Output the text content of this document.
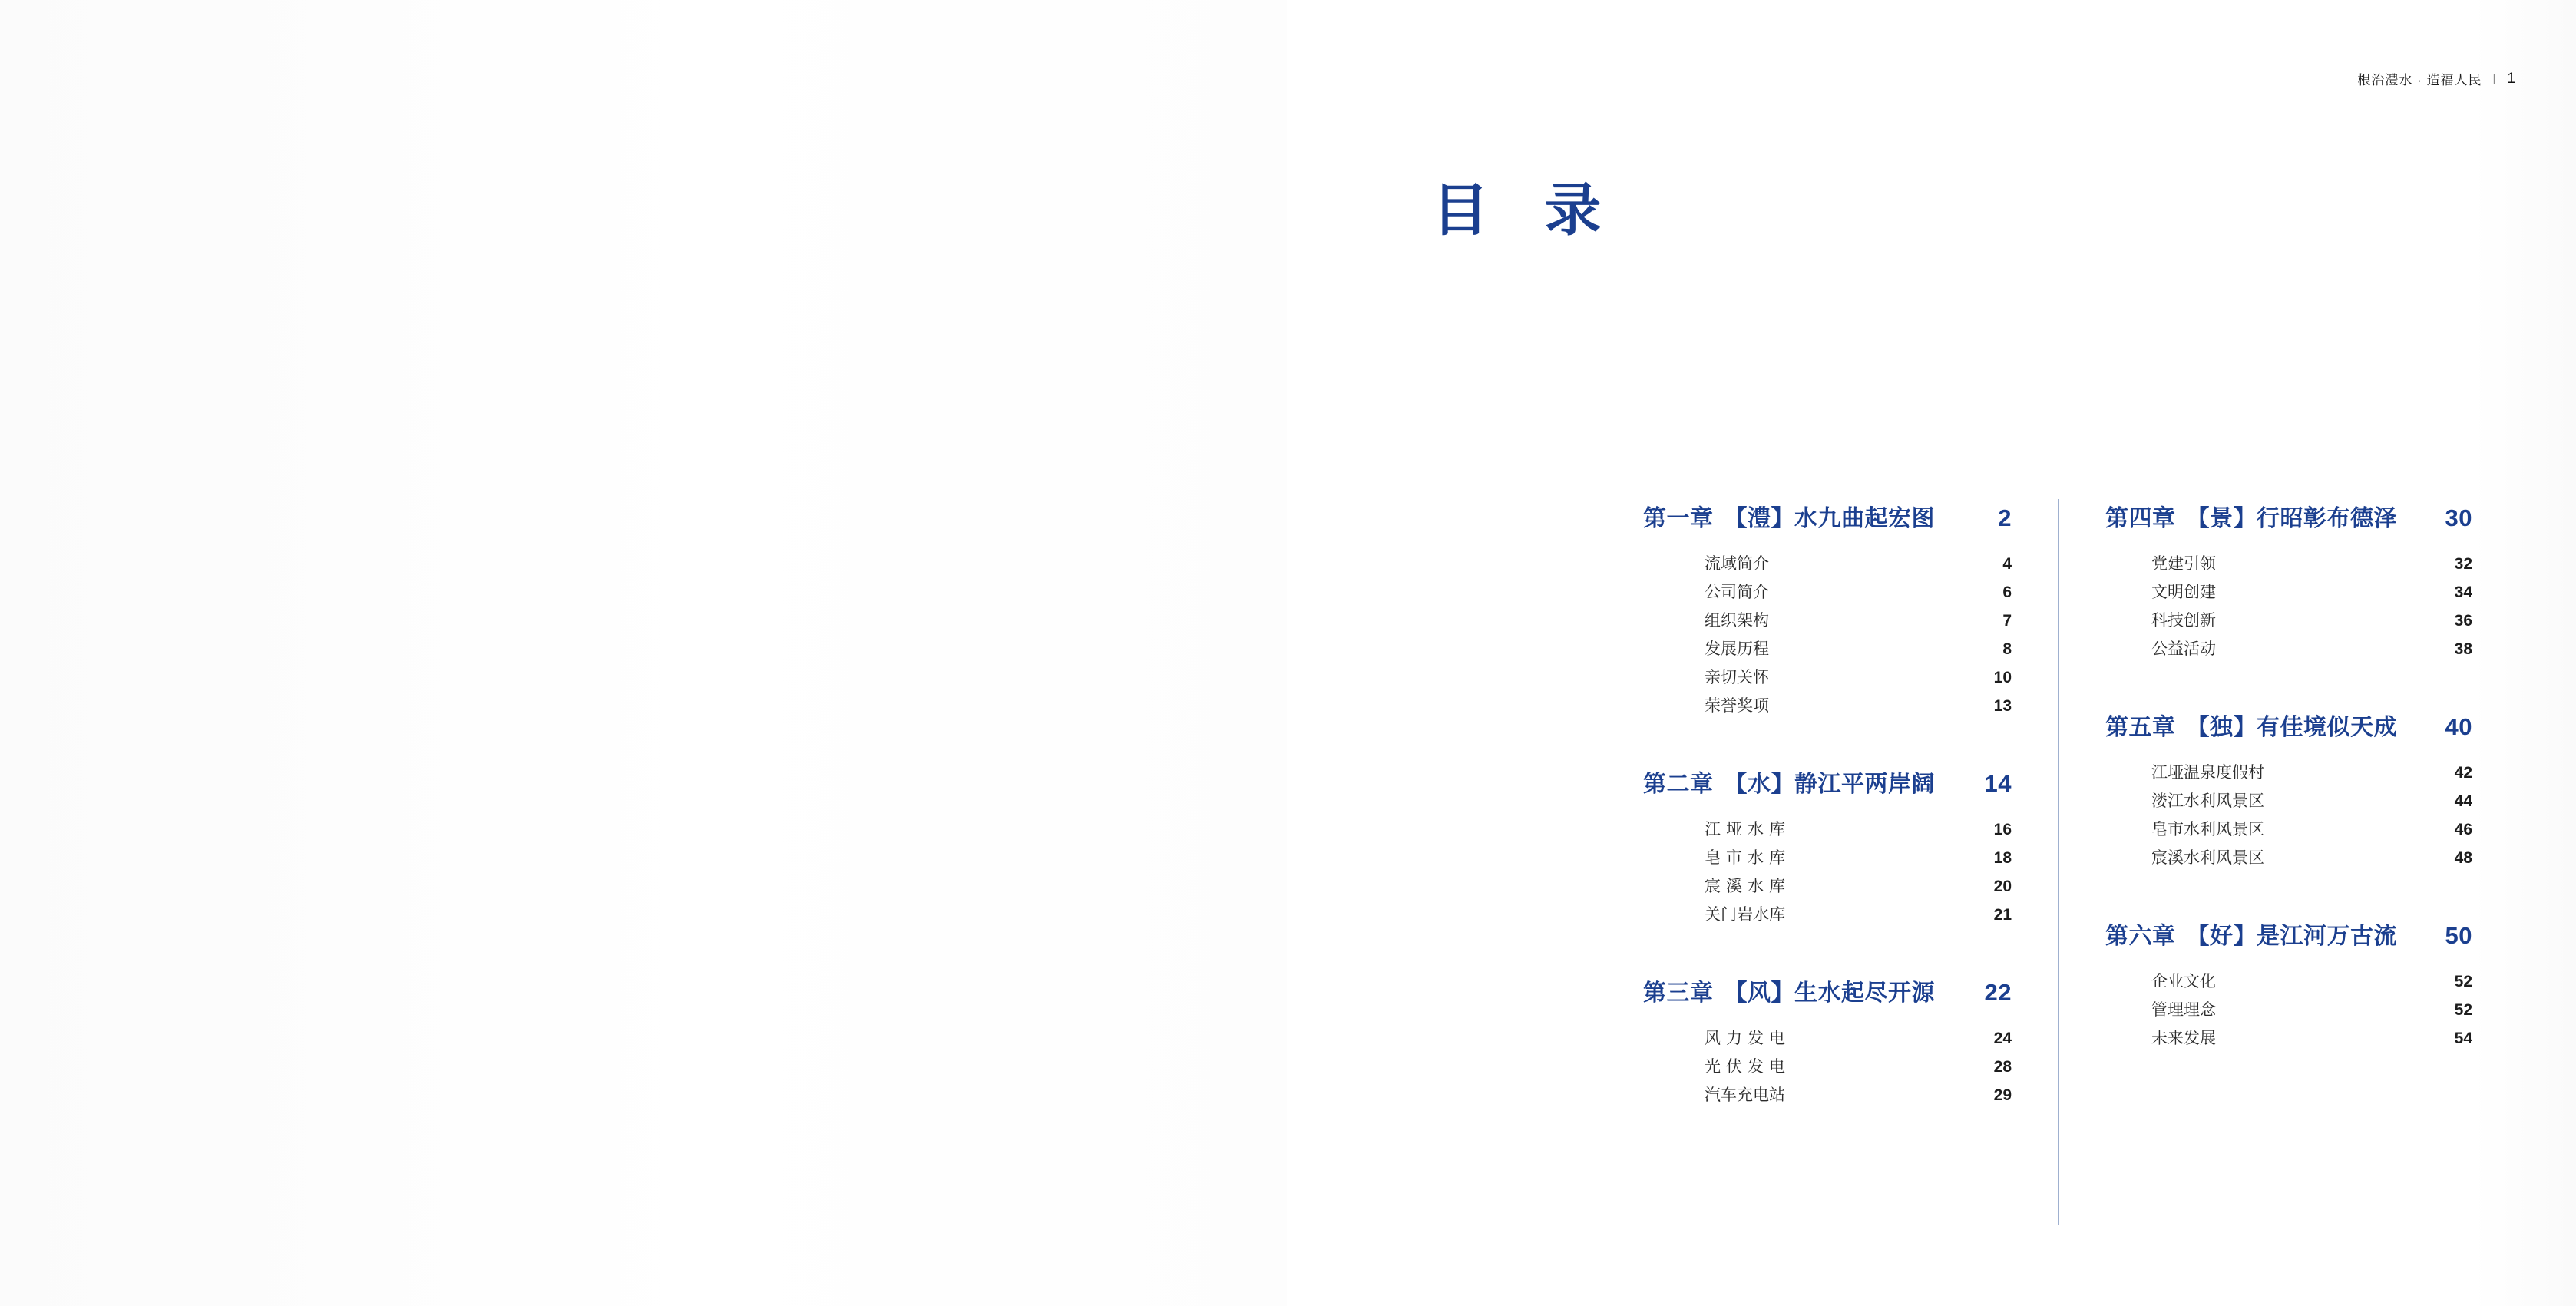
根治澧水 · 造福人民 | 1
目 录
第一章 【澧】水九曲起宏图	2
流域简介	4
公司简介	6
组织架构	7
发展历程	8
亲切关怀	10
荣誉奖项	13
第二章 【水】静江平两岸阔	14
江垭水库	16
皂市水库	18
宸溪水库	20
关门岩水库	21
第三章 【风】生水起尽开源	22
风力发电	24
光伏发电	28
汽车充电站	29
第四章 【景】行昭彰布德泽	30
党建引领	32
文明创建	34
科技创新	36
公益活动	38
第五章 【独】有佳境似天成	40
江垭温泉度假村	42
溇江水利风景区	44
皂市水利风景区	46
宸溪水利风景区	48
第六章 【好】是江河万古流	50
企业文化	52
管理理念	52
未来发展	54
